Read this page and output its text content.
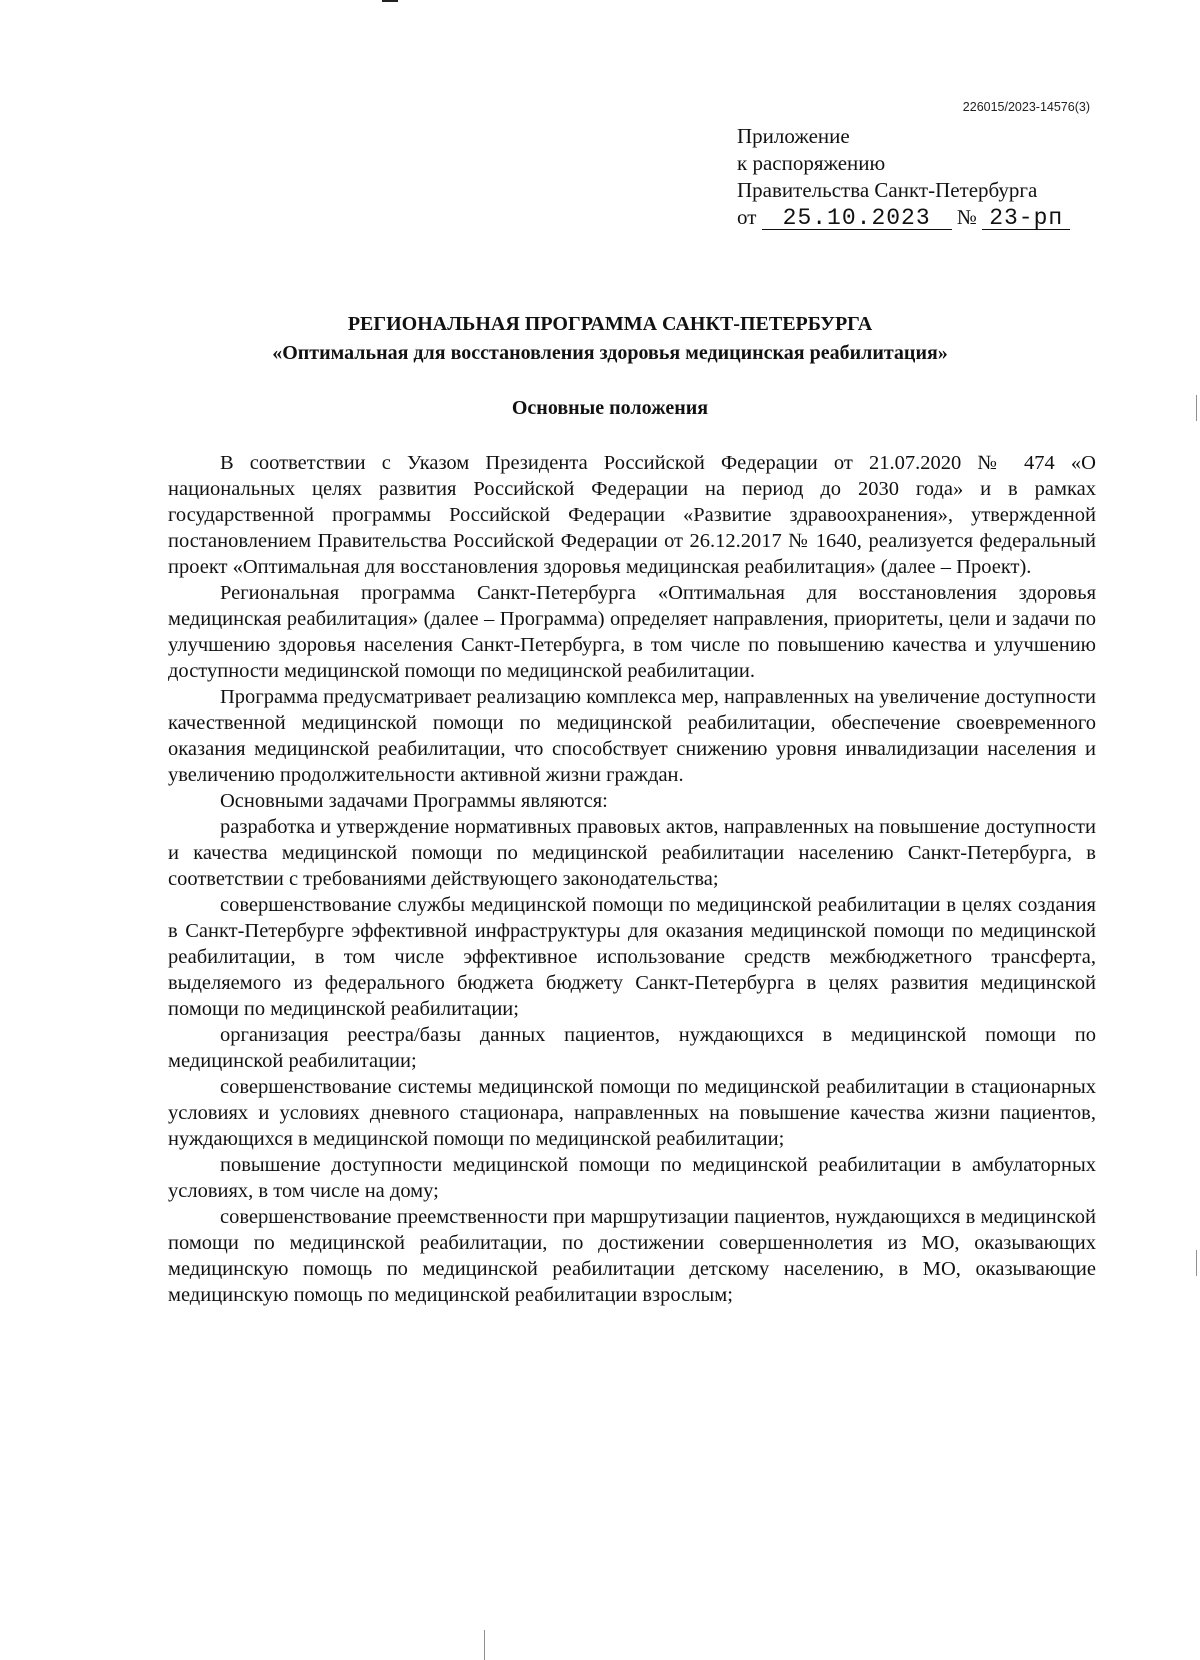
226015/2023-14576(3)
Приложение
к распоряжению
Правительства Санкт-Петербурга
от 25.10.2023 № 23-рп
РЕГИОНАЛЬНАЯ ПРОГРАММА САНКТ-ПЕТЕРБУРГА
«Оптимальная для восстановления здоровья медицинская реабилитация»
Основные положения

В соответствии с Указом Президента Российской Федерации от 21.07.2020 № 474 «О национальных целях развития Российской Федерации на период до 2030 года» и в рамках государственной программы Российской Федерации «Развитие здравоохранения», утвержденной постановлением Правительства Российской Федерации от 26.12.2017 № 1640, реализуется федеральный проект «Оптимальная для восстановления здоровья медицинская реабилитация» (далее – Проект).

Региональная программа Санкт-Петербурга «Оптимальная для восстановления здоровья медицинская реабилитация» (далее – Программа) определяет направления, приоритеты, цели и задачи по улучшению здоровья населения Санкт-Петербурга, в том числе по повышению качества и улучшению доступности медицинской помощи по медицинской реабилитации.

Программа предусматривает реализацию комплекса мер, направленных на увеличение доступности качественной медицинской помощи по медицинской реабилитации, обеспечение своевременного оказания медицинской реабилитации, что способствует снижению уровня инвалидизации населения и увеличению продолжительности активной жизни граждан.

Основными задачами Программы являются:

разработка и утверждение нормативных правовых актов, направленных на повышение доступности и качества медицинской помощи по медицинской реабилитации населению Санкт-Петербурга, в соответствии с требованиями действующего законодательства;

совершенствование службы медицинской помощи по медицинской реабилитации в целях создания в Санкт-Петербурге эффективной инфраструктуры для оказания медицинской помощи по медицинской реабилитации, в том числе эффективное использование средств межбюджетного трансферта, выделяемого из федерального бюджета бюджету Санкт-Петербурга в целях развития медицинской помощи по медицинской реабилитации;

организация реестра/базы данных пациентов, нуждающихся в медицинской помощи по медицинской реабилитации;

совершенствование системы медицинской помощи по медицинской реабилитации в стационарных условиях и условиях дневного стационара, направленных на повышение качества жизни пациентов, нуждающихся в медицинской помощи по медицинской реабилитации;

повышение доступности медицинской помощи по медицинской реабилитации в амбулаторных условиях, в том числе на дому;

совершенствование преемственности при маршрутизации пациентов, нуждающихся в медицинской помощи по медицинской реабилитации, по достижении совершеннолетия из МО, оказывающих медицинскую помощь по медицинской реабилитации детскому населению, в МО, оказывающие медицинскую помощь по медицинской реабилитации взрослым;
